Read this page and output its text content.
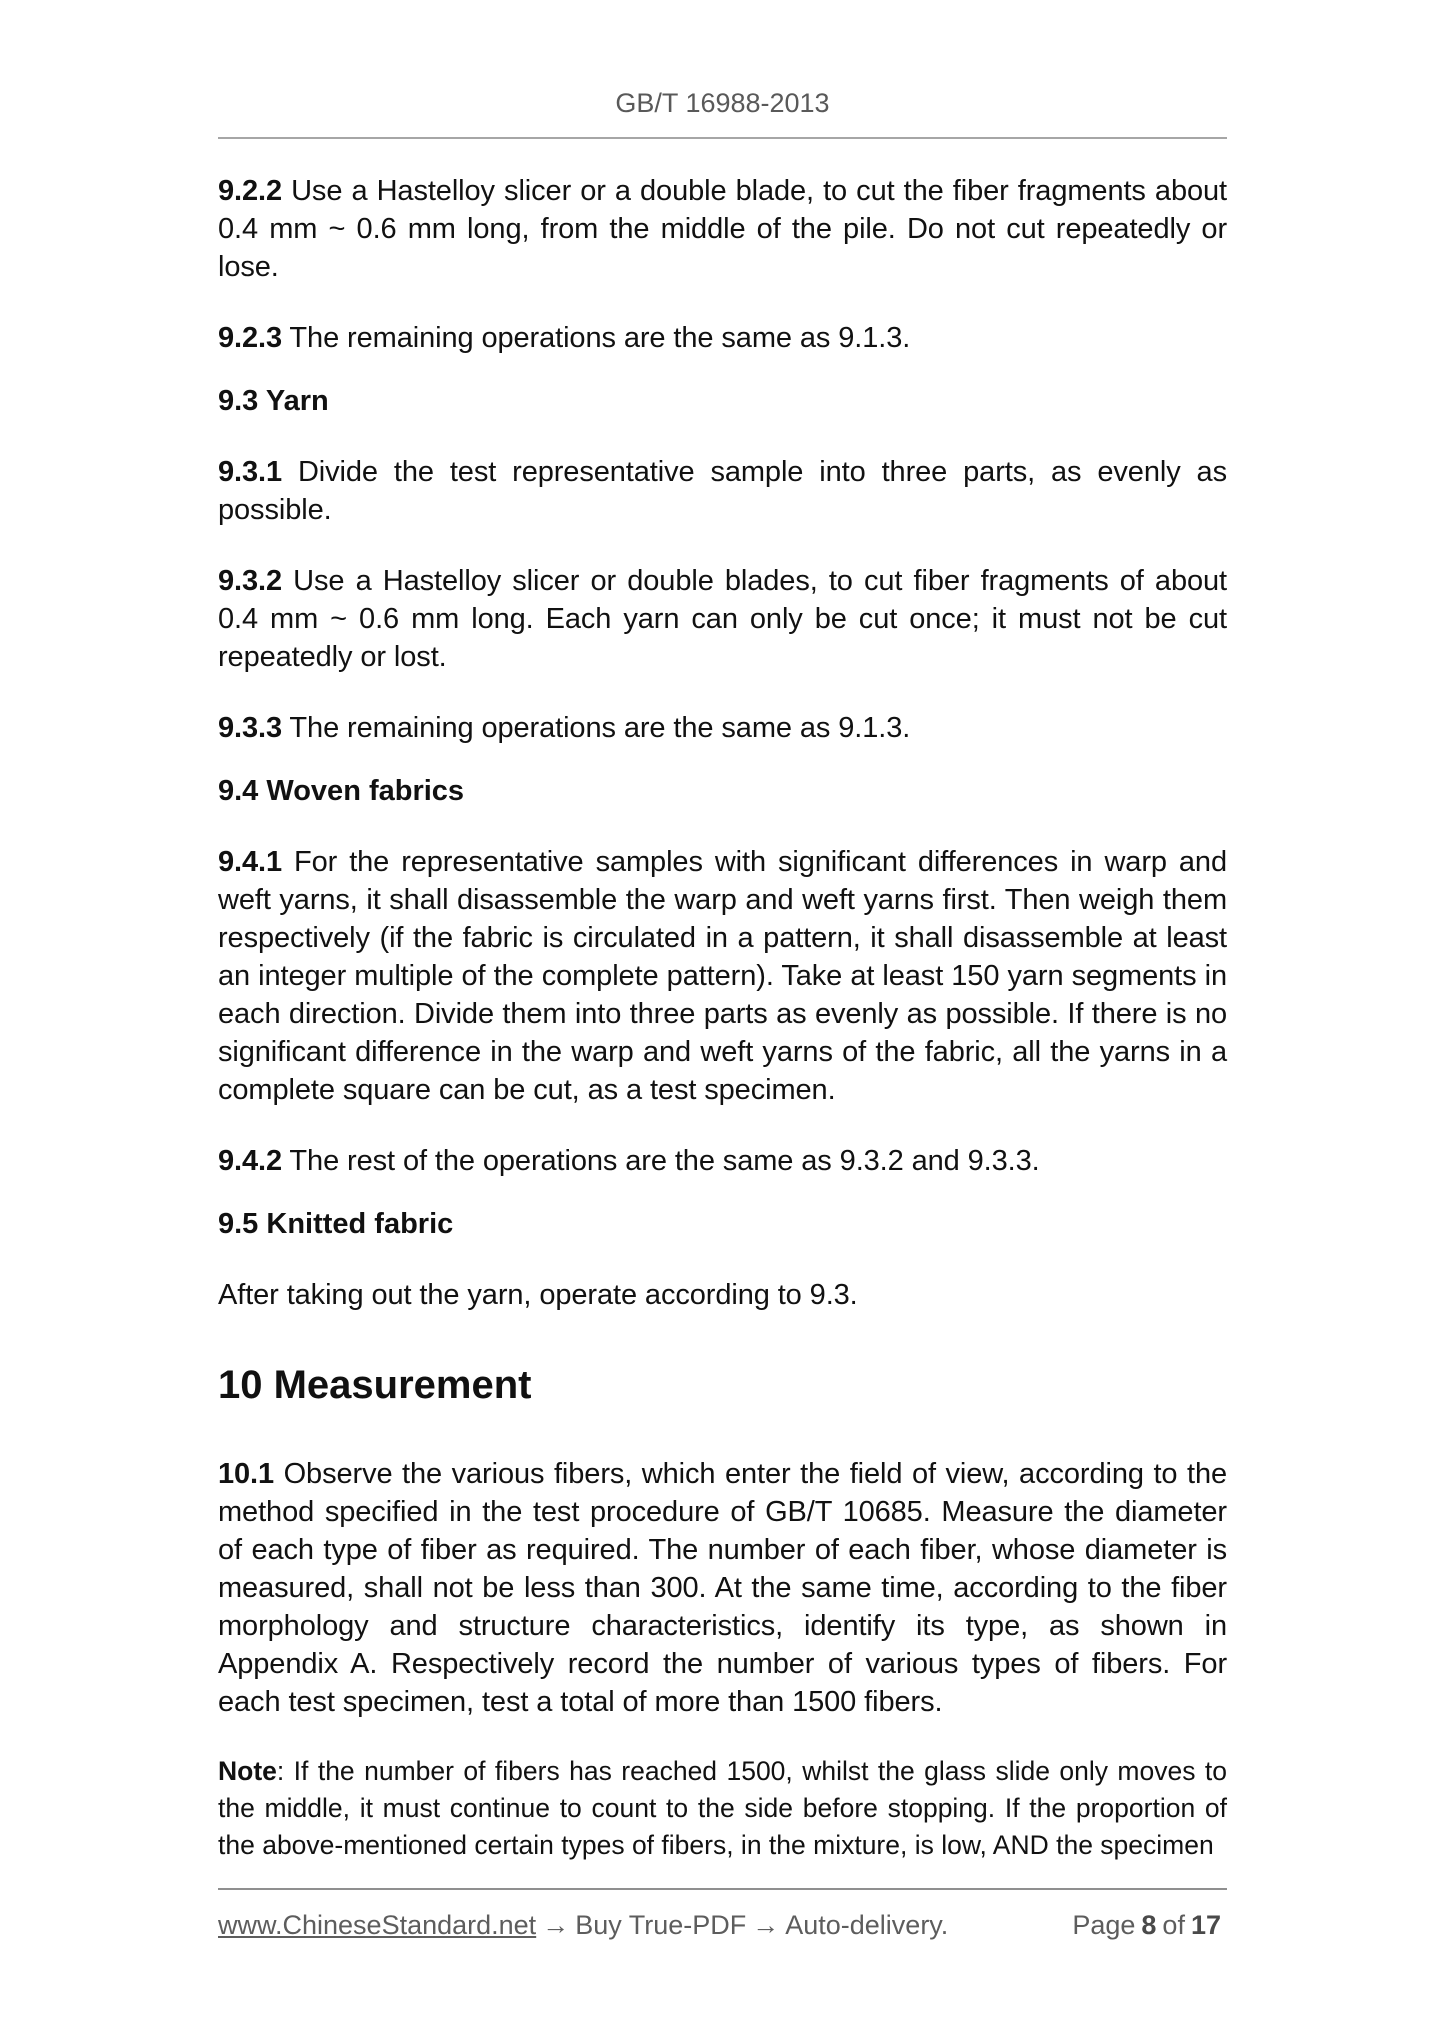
GB/T 16988-2013

9.2.2 Use a Hastelloy slicer or a double blade, to cut the fiber fragments about 0.4 mm ~ 0.6 mm long, from the middle of the pile. Do not cut repeatedly or lose.

9.2.3 The remaining operations are the same as 9.1.3.

9.3 Yarn

9.3.1 Divide the test representative sample into three parts, as evenly as possible.

9.3.2 Use a Hastelloy slicer or double blades, to cut fiber fragments of about 0.4 mm ~ 0.6 mm long. Each yarn can only be cut once; it must not be cut repeatedly or lost.

9.3.3 The remaining operations are the same as 9.1.3.

9.4 Woven fabrics

9.4.1 For the representative samples with significant differences in warp and weft yarns, it shall disassemble the warp and weft yarns first. Then weigh them respectively (if the fabric is circulated in a pattern, it shall disassemble at least an integer multiple of the complete pattern). Take at least 150 yarn segments in each direction. Divide them into three parts as evenly as possible. If there is no significant difference in the warp and weft yarns of the fabric, all the yarns in a complete square can be cut, as a test specimen.

9.4.2 The rest of the operations are the same as 9.3.2 and 9.3.3.

9.5 Knitted fabric

After taking out the yarn, operate according to 9.3.

10 Measurement

10.1 Observe the various fibers, which enter the field of view, according to the method specified in the test procedure of GB/T 10685. Measure the diameter of each type of fiber as required. The number of each fiber, whose diameter is measured, shall not be less than 300. At the same time, according to the fiber morphology and structure characteristics, identify its type, as shown in Appendix A. Respectively record the number of various types of fibers. For each test specimen, test a total of more than 1500 fibers.

Note: If the number of fibers has reached 1500, whilst the glass slide only moves to the middle, it must continue to count to the side before stopping. If the proportion of the above-mentioned certain types of fibers, in the mixture, is low, AND the specimen

www.ChineseStandard.net → Buy True-PDF → Auto-delivery.	Page 8 of 17
